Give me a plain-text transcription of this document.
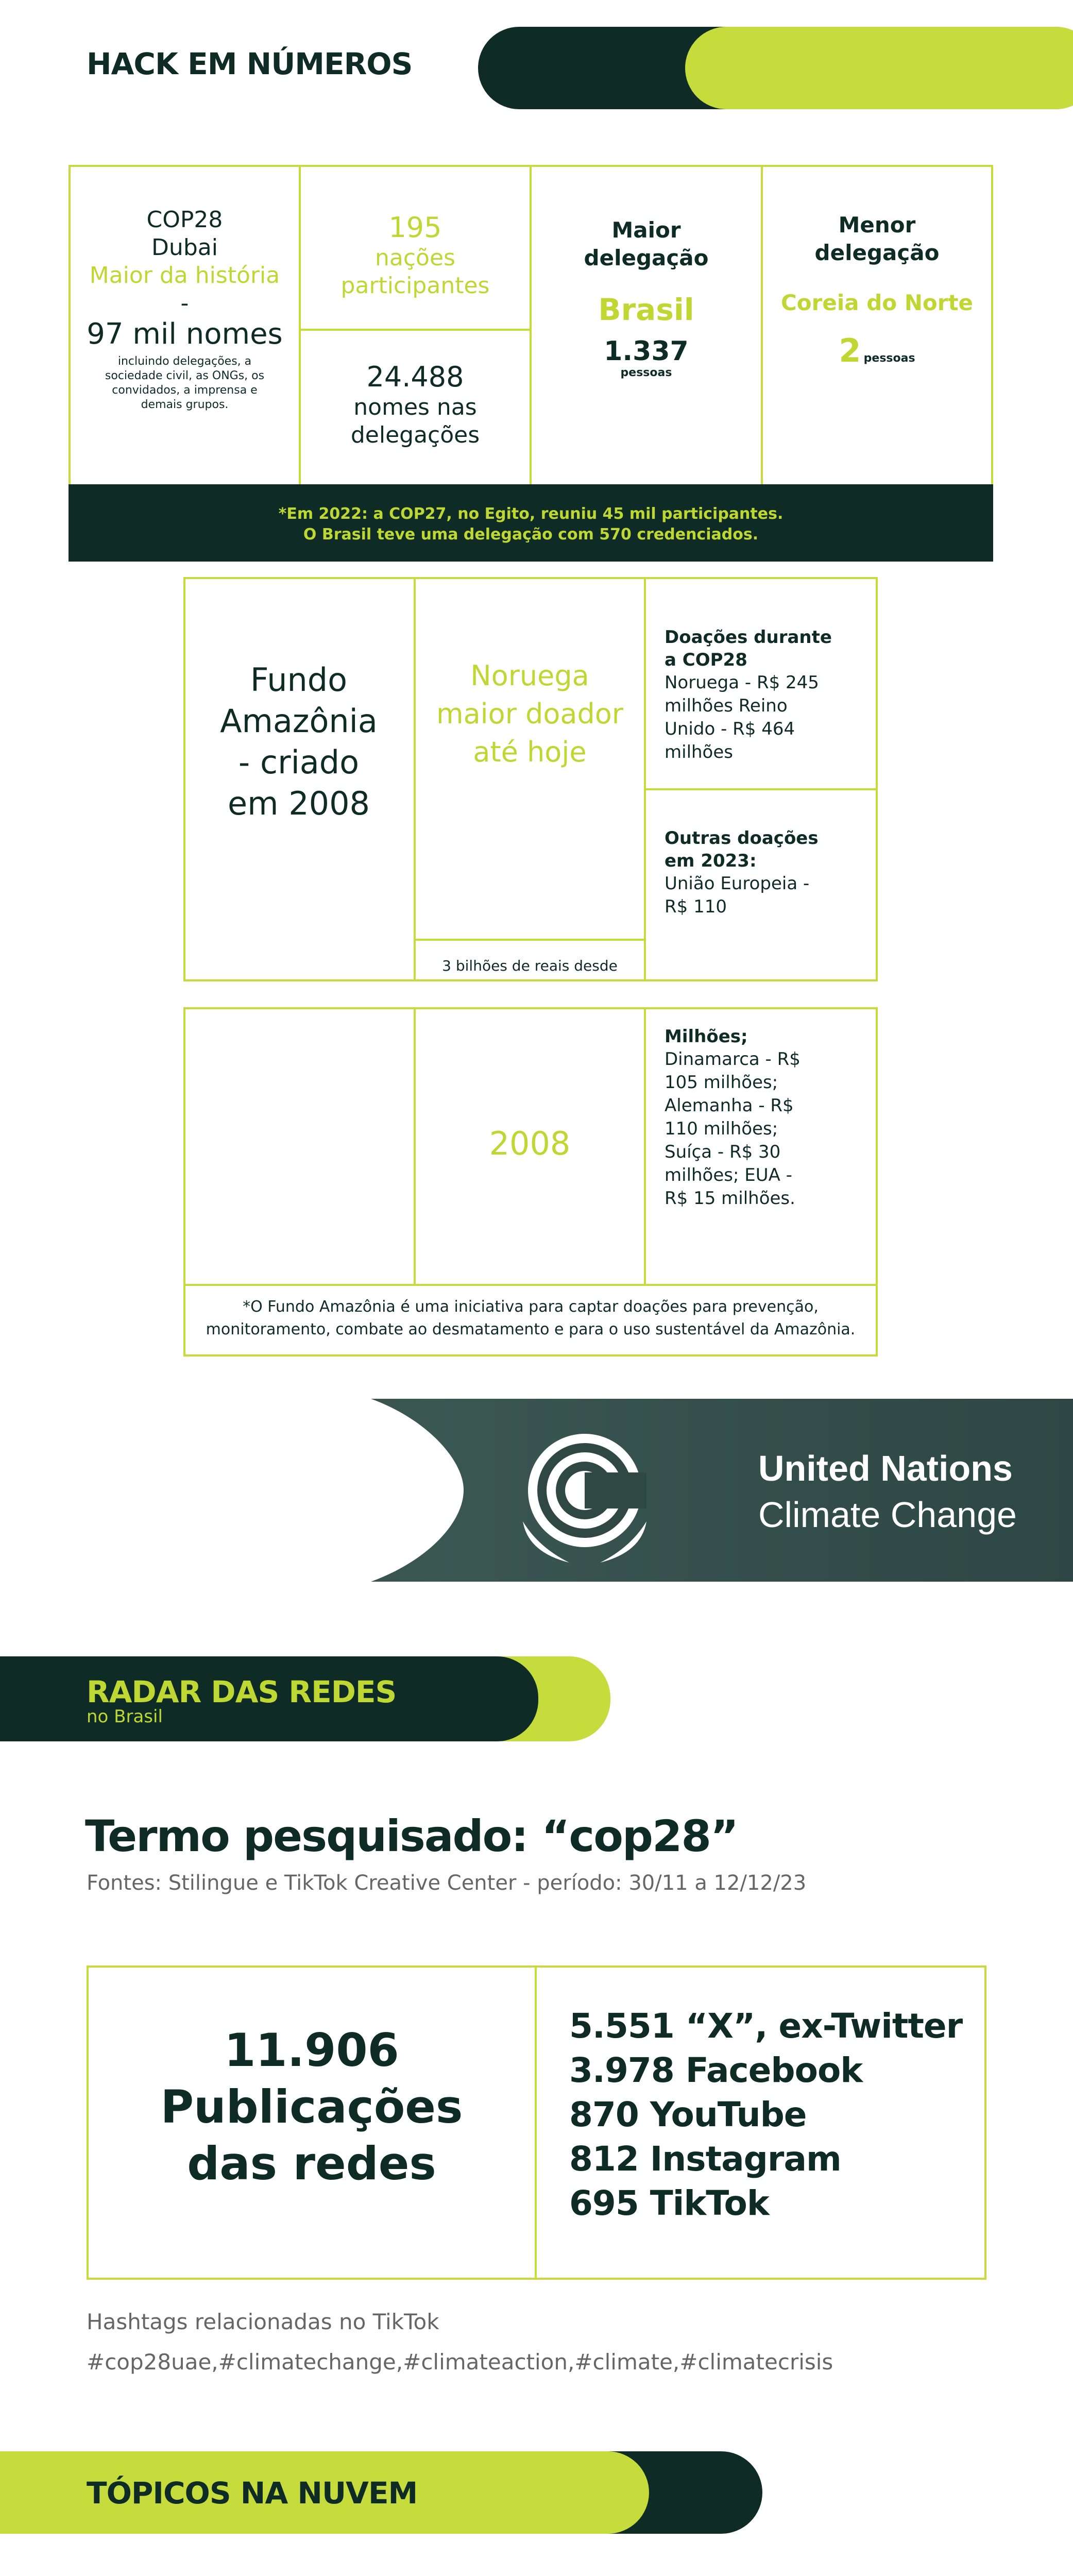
HACK EM NÚMEROS
COP28
Dubai
Maior da história
-
97 mil nomes
incluindo delegações, a sociedade civil, as ONGs, os convidados, a imprensa e demais grupos.
195
nações participantes
24.488
nomes nas delegações
Maior delegação
Brasil
1.337
pessoas
Menor delegação
Coreia do Norte
2 pessoas
*Em 2022: a COP27, no Egito, reuniu 45 mil participantes.
O Brasil teve uma delegação com 570 credenciados.
Fundo Amazônia - criado em 2008
Noruega maior doador até hoje
3 bilhões de reais desde
Doações durante a COP28
Noruega - R$ 245 milhões Reino Unido - R$ 464 milhões
Outras doações em 2023:
União Europeia - R$ 110
2008
Milhões;
Dinamarca - R$ 105 milhões; Alemanha - R$ 110 milhões; Suíça - R$ 30 milhões; EUA - R$ 15 milhões.
*O Fundo Amazônia é uma iniciativa para captar doações para prevenção, monitoramento, combate ao desmatamento e para o uso sustentável da Amazônia.
United Nations
Climate Change
RADAR DAS REDES
no Brasil
Termo pesquisado: “cop28”
Fontes: Stilingue e TikTok Creative Center - período: 30/11 a 12/12/23
11.906
Publicações das redes
5.551 “X”, ex-Twitter
3.978 Facebook
870 YouTube
812 Instagram
695 TikTok
Hashtags relacionadas no TikTok
#cop28uae,#climatechange,#climateaction,#climate,#climatecrisis
TÓPICOS NA NUVEM
